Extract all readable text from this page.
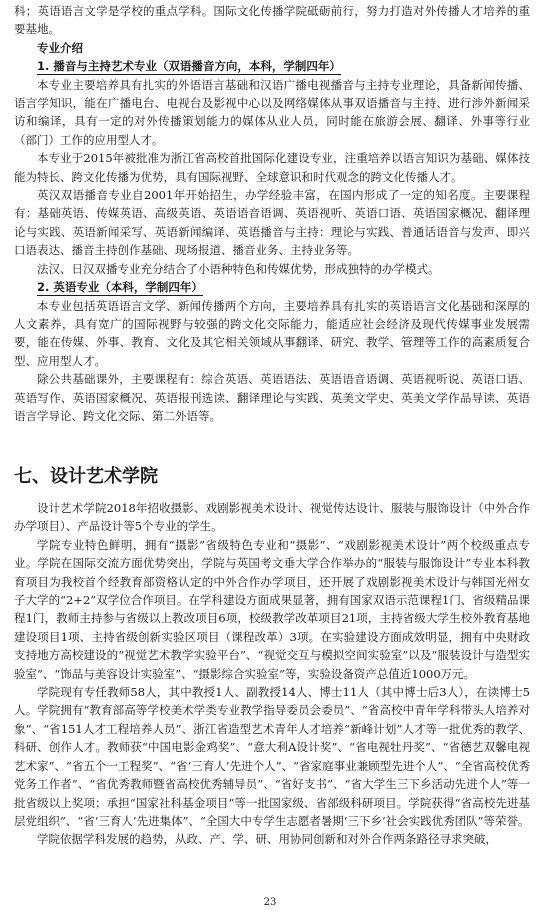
科；英语语言文学是学校的重点学科。国际文化传播学院砥砺前行，努力打造对外传播人才培养的重要基地。

专业介绍

1. 播音与主持艺术专业（双语播音方向，本科，学制四年）

本专业主要培养具有扎实的外语语言基础和汉语广播电视播音与主持专业理论，具备新闻传播、语言学知识，能在广播电台、电视台及影视中心以及网络媒体从事双语播音与主持、进行涉外新闻采访和编译，具有一定的对外传播策划能力的媒体从业人员，同时能在旅游会展、翻译、外事等行业（部门）工作的应用型人才。

本专业于2015年被批准为浙江省高校首批国际化建设专业，注重培养以语言知识为基础、媒体技能为特长、跨文化传播为优势，具有国际视野、全球意识和时代观念的跨文化传播人才。

英汉双语播音专业自2001年开始招生，办学经验丰富，在国内形成了一定的知名度。主要课程有：基础英语、传媒英语、高级英语、英语语音语调、英语视听、英语口语、英语国家概况、翻译理论与实践、英语新闻采写、英语新闻编译、英语播音与主持：理论与实践、普通话语音与发声、即兴口语表达、播音主持创作基础、现场报道、播音业务、主持业务等。

法汉、日汉双播专业充分结合了小语种特色和传媒优势，形成独特的办学模式。

2. 英语专业（本科，学制四年）

本专业包括英语语言文学、新闻传播两个方向，主要培养具有扎实的英语语言文化基础和深厚的人文素养，具有宽广的国际视野与较强的跨文化交际能力，能适应社会经济及现代传媒事业发展需要，能在传媒、外事、教育、文化及其它相关领域从事翻译、研究、教学、管理等工作的高素质复合型、应用型人才。

除公共基础课外，主要课程有：综合英语、英语语法、英语语音语调、英语视听说、英语口语、英语写作、英语国家概况、英语报刊选读、翻译理论与实践、英美文学史、英美文学作品导读、英语语言学导论、跨文化交际、第二外语等。

七、设计艺术学院

设计艺术学院2018年招收摄影、戏剧影视美术设计、视觉传达设计、服装与服饰设计（中外合作办学项目）、产品设计等5个专业的学生。

学院专业特色鲜明，拥有“摄影”省级特色专业和“摄影”、“戏剧影视美术设计”两个校级重点专业。学院在国际交流方面优势突出，学院与英国考文垂大学合作举办的“服装与服饰设计”专业本科教育项目为我校首个经教育部资格认定的中外合作办学项目，还开展了戏剧影视美术设计与韩国光州女子大学的“2+2”双学位合作项目。在学科建设方面成果显著，拥有国家双语示范课程1门、省级精品课程1门，教师主持参与省级以上教改项目6项，校级教学改革项目21项，主持省级大学生校外教育基地建设项目1项、主持省级创新实验区项目（课程改革）3项。在实验建设方面成效明显，拥有中央财政支持地方高校建设的“视觉艺术教学实验平台”、“视觉交互与模拟空间实验室”以及“服装设计与造型实验室”、“饰品与美容设计实验室”、“摄影综合实验室”等，实验设备资产总值近1000万元。

学院现有专任教师58人，其中教授1人、副教授14人、博士11人（其中博士后3人），在读博士5人。学院拥有“教育部高等学校美术学类专业教学指导委员会委员”、“省高校中青年学科带头人培养对象”、“省151人才工程培养人员”、浙江省造型艺术青年人才培养“新峰计划”人才等一批优秀的教学、科研、创作人才。教师获“中国电影金鸡奖”、“意大利A设计奖”、“省电视牡丹奖”、“省德艺双馨电视艺术家”、“省五个一工程奖”、“省‘三育人’先进个人”、“省家庭事业兼顾型先进个人”、“全省高校优秀党务工作者”、“省优秀教师暨省高校优秀辅导员”、“省好支书”、“省大学生三下乡活动先进个人”等一批省级以上奖项；承担“国家社科基金项目”等一批国家级、省部级科研项目。学院获得“省高校先进基层党组织”、“省‘三育人’先进集体”、“全国大中专学生志愿者暑期‘三下乡’社会实践优秀团队”等荣誉。

学院依据学科发展的趋势，从政、产、学、研、用协同创新和对外合作两条路径寻求突破，

23
